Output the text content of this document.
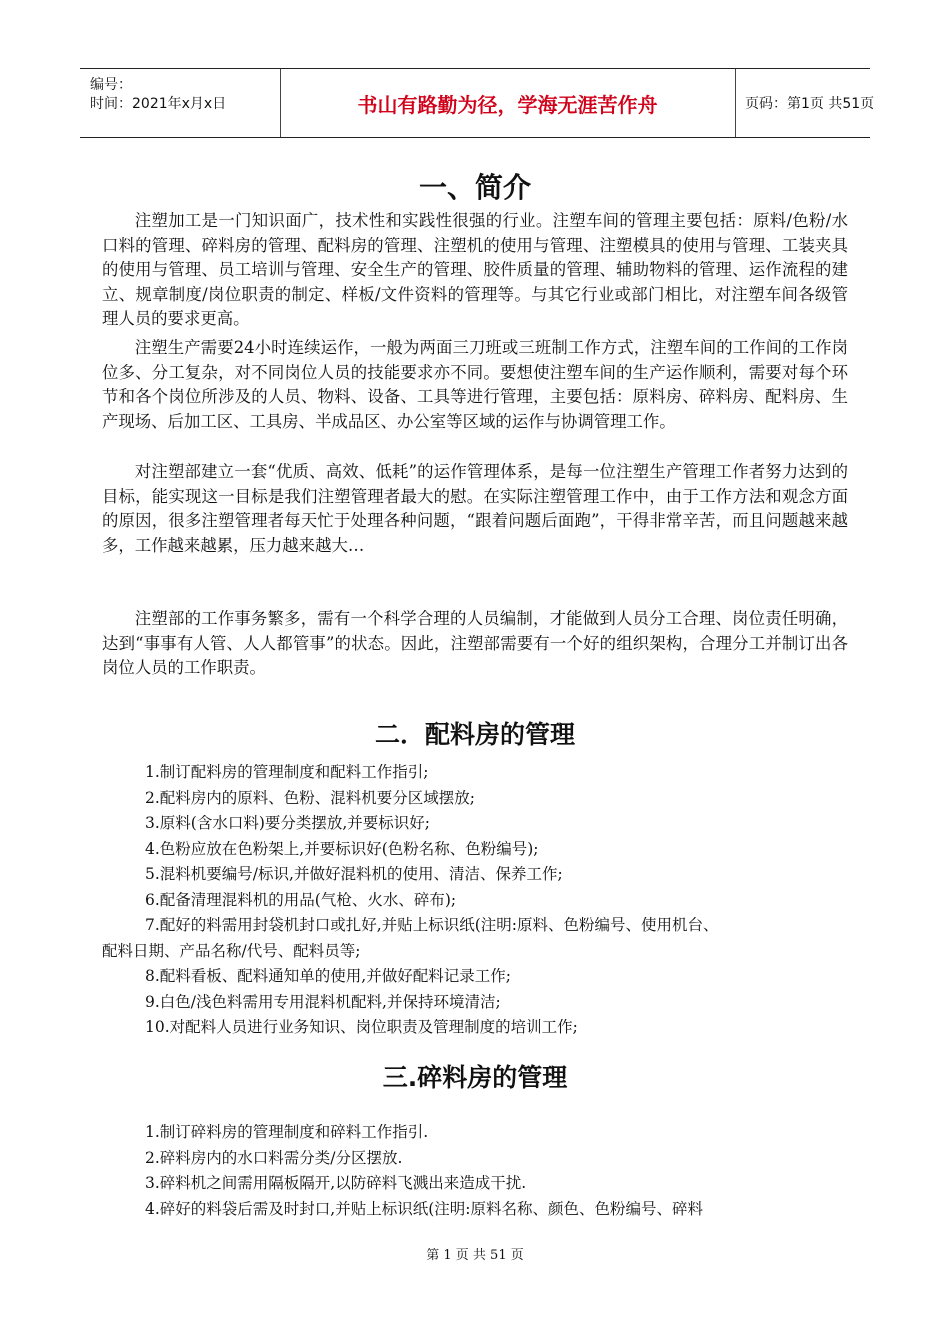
编号：
时间：2021年x月x日	书山有路勤为径，学海无涯苦作舟	页码：第1页 共51页
一、简介

注塑加工是一门知识面广，技术性和实践性很强的行业。注塑车间的管理主要包括：原料/色粉/水口料的管理、碎料房的管理、配料房的管理、注塑机的使用与管理、注塑模具的使用与管理、工装夹具的使用与管理、员工培训与管理、安全生产的管理、胶件质量的管理、辅助物料的管理、运作流程的建立、规章制度/岗位职责的制定、样板/文件资料的管理等。与其它行业或部门相比，对注塑车间各级管理人员的要求更高。

注塑生产需要24小时连续运作，一般为两面三刀班或三班制工作方式，注塑车间的工作间的工作岗位多、分工复杂，对不同岗位人员的技能要求亦不同。要想使注塑车间的生产运作顺利，需要对每个环节和各个岗位所涉及的人员、物料、设备、工具等进行管理，主要包括：原料房、碎料房、配料房、生产现场、后加工区、工具房、半成品区、办公室等区域的运作与协调管理工作。

对注塑部建立一套“优质、高效、低耗”的运作管理体系，是每一位注塑生产管理工作者努力达到的目标，能实现这一目标是我们注塑管理者最大的慰。在实际注塑管理工作中，由于工作方法和观念方面的原因，很多注塑管理者每天忙于处理各种问题，“跟着问题后面跑”，干得非常辛苦，而且问题越来越多，工作越来越累，压力越来越大…

注塑部的工作事务繁多，需有一个科学合理的人员编制，才能做到人员分工合理、岗位责任明确，达到“事事有人管、人人都管事”的状态。因此，注塑部需要有一个好的组织架构，合理分工并制订出各岗位人员的工作职责。

二．配料房的管理
1.制订配料房的管理制度和配料工作指引;
2.配料房内的原料、色粉、混料机要分区域摆放;
3.原料(含水口料)要分类摆放,并要标识好;
4.色粉应放在色粉架上,并要标识好(色粉名称、色粉编号);
5.混料机要编号/标识,并做好混料机的使用、清洁、保养工作;
6.配备清理混料机的用品(气枪、火水、碎布);
7.配好的料需用封袋机封口或扎好,并贴上标识纸(注明:原料、色粉编号、使用机台、
配料日期、产品名称/代号、配料员等;
8.配料看板、配料通知单的使用,并做好配料记录工作;
9.白色/浅色料需用专用混料机配料,并保持环境清洁;
10.对配料人员进行业务知识、岗位职责及管理制度的培训工作;
三.碎料房的管理
1.制订碎料房的管理制度和碎料工作指引.
2.碎料房内的水口料需分类/分区摆放.
3.碎料机之间需用隔板隔开,以防碎料飞溅出来造成干扰.
4.碎好的料袋后需及时封口,并贴上标识纸(注明:原料名称、颜色、色粉编号、碎料
第 1 页 共 51 页
